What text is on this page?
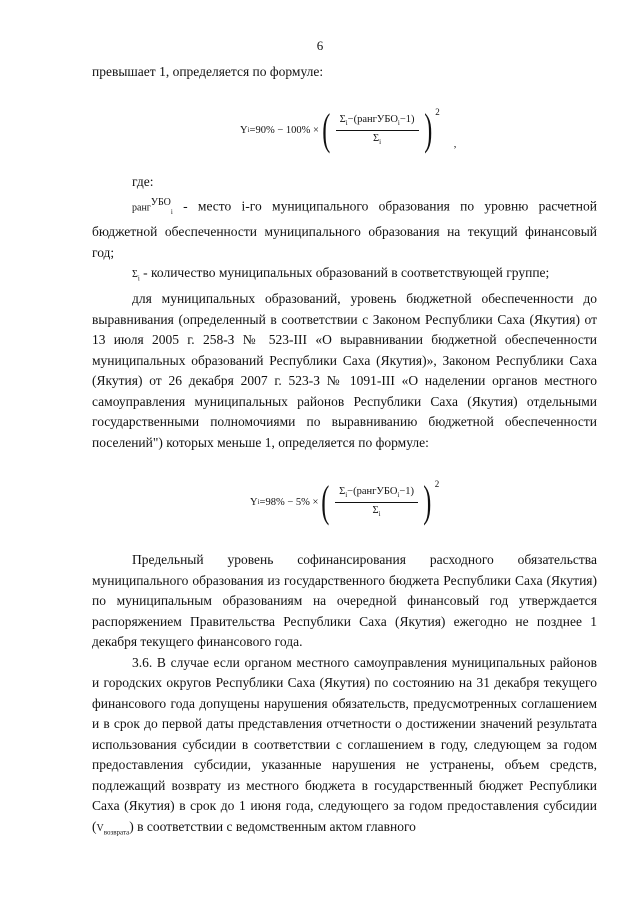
6

превышает 1, определяется по формуле:

Y i = 90% − 100% × ( $\frac{\Sigma_i-(рангУБО_i-1)}{\Sigma_i}$ ) 2
,

где:

ранг$^{УБО}_i$ - место i-го муниципального образования по уровню расчетной бюджетной обеспеченности муниципального образования на текущий финансовый год;

$\Sigma_i$ - количество муниципальных образований в соответствующей группе;

для муниципальных образований, уровень бюджетной обеспеченности до выравнивания (определенный в соответствии с Законом Республики Саха (Якутия) от 13 июля 2005 г. 258-З № 523-III «О выравнивании бюджетной обеспеченности муниципальных образований Республики Саха (Якутия)», Законом Республики Саха (Якутия) от 26 декабря 2007 г. 523-З № 1091-III «О наделении органов местного самоуправления муниципальных районов Республики Саха (Якутия) отдельными государственными полномочиями по выравниванию бюджетной обеспеченности поселений") которых меньше 1, определяется по формуле:

Y i = 98% − 5% × ( $\frac{\Sigma_i-(рангУБО_i-1)}{\Sigma_i}$ ) 2

Предельный уровень софинансирования расходного обязательства муниципального образования из государственного бюджета Республики Саха (Якутия) по муниципальным образованиям на очередной финансовый год утверждается распоряжением Правительства Республики Саха (Якутия) ежегодно не позднее 1 декабря текущего финансового года.

3.6. В случае если органом местного самоуправления муниципальных районов и городских округов Республики Саха (Якутия) по состоянию на 31 декабря текущего финансового года допущены нарушения обязательств, предусмотренных соглашением и в срок до первой даты представления отчетности о достижении значений результата использования субсидии в соответствии с соглашением в году, следующем за годом предоставления субсидии, указанные нарушения не устранены, объем средств, подлежащий возврату из местного бюджета в государственный бюджет Республики Саха (Якутия) в срок до 1 июня года, следующего за годом предоставления субсидии $(V_{возврата})$ в соответствии с ведомственным актом главного
